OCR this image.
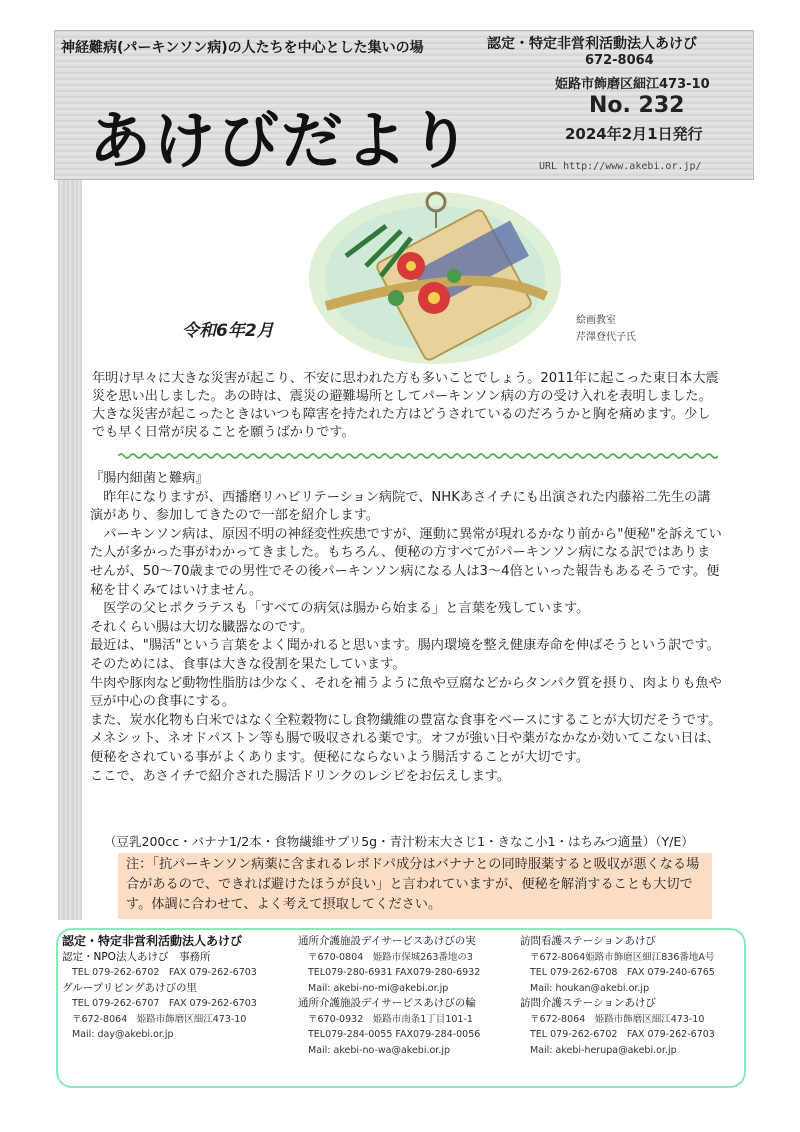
神経難病(パーキンソン病)の人たちを中心とした集いの場	認定・特定非営利活動法人あけび
672-8064
姫路市飾磨区細江473-10
あけびだより	No. 232
2024年2月1日発行
URL http://www.akebi.or.jp/
令和6年2月
絵画教室
芹澤登代子氏
年明け早々に大きな災害が起こり、不安に思われた方も多いことでしょう。2011年に起こった東日本大震災を思い出しました。あの時は、震災の避難場所としてパーキンソン病の方の受け入れを表明しました。大きな災害が起こったときはいつも障害を持たれた方はどうされているのだろうかと胸を痛めます。少しでも早く日常が戻ることを願うばかりです。

『腸内細菌と難病』

昨年になりますが、西播磨リハビリテーション病院で、NHKあさイチにも出演された内藤裕二先生の講演があり、参加してきたので一部を紹介します。

パーキンソン病は、原因不明の神経変性疾患ですが、運動に異常が現れるかなり前から"便秘"を訴えていた人が多かった事がわかってきました。もちろん、便秘の方すべてがパーキンソン病になる訳ではありませんが、50〜70歳までの男性でその後パーキンソン病になる人は3〜4倍といった報告もあるそうです。便秘を甘くみてはいけません。

医学の父ヒポクラテスも「すべての病気は腸から始まる」と言葉を残しています。

それくらい腸は大切な臓器なのです。

最近は、"腸活"という言葉をよく聞かれると思います。腸内環境を整え健康寿命を伸ばそうという訳です。そのためには、食事は大きな役割を果たしています。

牛肉や豚肉など動物性脂肪は少なく、それを補うように魚や豆腐などからタンパク質を摂り、肉よりも魚や豆が中心の食事にする。

また、炭水化物も白米ではなく全粒穀物にし食物繊維の豊富な食事をベースにすることが大切だそうです。

メネシット、ネオドパストン等も腸で吸収される薬です。オフが強い日や薬がなかなか効いてこない日は、便秘をされている事がよくあります。便秘にならないよう腸活することが大切です。

ここで、あさイチで紹介された腸活ドリンクのレシピをお伝えします。

（豆乳200cc・バナナ1/2本・食物繊維サプリ5g・青汁粉末大さじ1・きなこ小1・はちみつ適量）（Y/E）
注：「抗パーキンソン病薬に含まれるレボドパ成分はバナナとの同時服薬すると吸収が悪くなる場合があるので、できれば避けたほうが良い」と言われていますが、便秘を解消することも大切です。体調に合わせて、よく考えて摂取してください。
認定・特定非営利活動法人あけび
認定・NPO法人あけび　事務所
TEL 079-262-6702　FAX 079-262-6703
グループリビングあけびの里
TEL 079-262-6707　FAX 079-262-6703
〒672-8064　姫路市飾磨区細江473-10
Mail: day@akebi.or.jp
通所介護施設デイサービスあけびの実
〒670-0804　姫路市保城263番地の3
TEL079-280-6931 FAX079-280-6932
Mail: akebi-no-mi@akebi.or.jp
通所介護施設デイサービスあけびの輪
〒670-0932　姫路市南条1丁目101-1
TEL079-284-0055 FAX079-284-0056
Mail: akebi-no-wa@akebi.or.jp
訪問看護ステーションあけび
〒672-8064姫路市飾磨区細江836番地A号
TEL 079-262-6708　FAX 079-240-6765
Mail: houkan@akebi.or.jp
訪問介護ステーションあけび
〒672-8064　姫路市飾磨区細江473-10
TEL 079-262-6702　FAX 079-262-6703
Mail: akebi-herupa@akebi.or.jp
